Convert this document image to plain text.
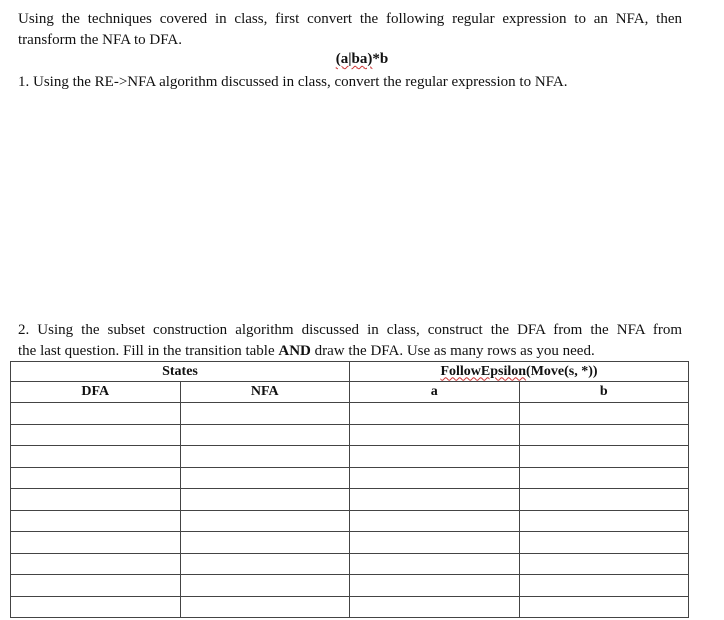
Using the techniques covered in class, first convert the following regular expression to an NFA, then
transform the NFA to DFA.
(a|ba)*b
1. Using the RE->NFA algorithm discussed in class, convert the regular expression to NFA.
2. Using the subset construction algorithm discussed in class, construct the DFA from the NFA from
the last question. Fill in the transition table AND draw the DFA. Use as many rows as you need.
States		FollowEpsilon(Move(s, *))	
DFA	NFA	a	b
